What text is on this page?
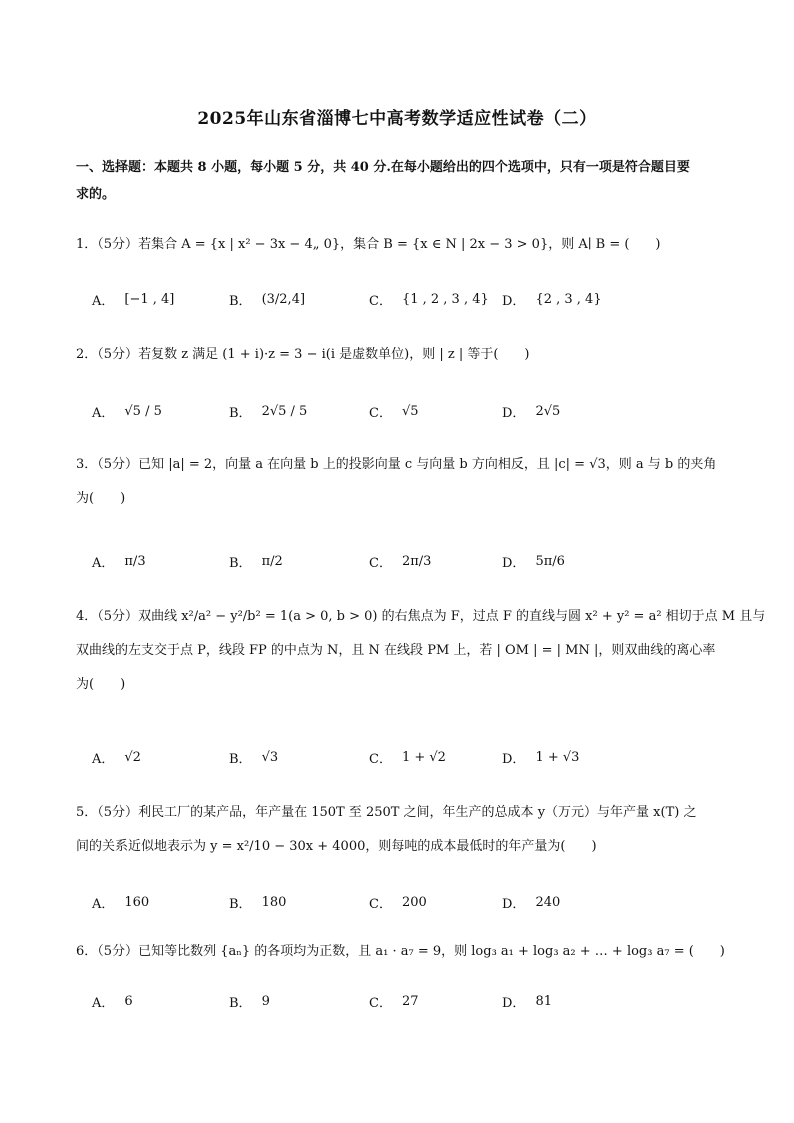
2025年山东省淄博七中高考数学适应性试卷（二）
一、选择题：本题共 8 小题，每小题 5 分，共 40 分.在每小题给出的四个选项中，只有一项是符合题目要
求的。
1．（5分）若集合 A = {x | x² − 3x − 4„ 0}，集合 B = {x ∈ N | 2x − 3 > 0}，则 A∣ B = (　　)
A． [−1 , 4]	B． (3/2,4]	C． {1 , 2 , 3 , 4} D． {2 , 3 , 4}
2．（5分）若复数 z 满足 (1 + i)·z = 3 − i(i 是虚数单位)，则 | z | 等于(　　)
A． √5 / 5	B． 2√5 / 5	C． √5	D． 2√5
3．（5分）已知 |a| = 2，向量 a 在向量 b 上的投影向量 c 与向量 b 方向相反，且 |c| = √3，则 a 与 b 的夹角
为(　　)
A． π/3	B． π/2	C． 2π/3	D． 5π/6
4．（5分）双曲线 x²/a² − y²/b² = 1(a > 0, b > 0) 的右焦点为 F，过点 F 的直线与圆 x² + y² = a² 相切于点 M 且与
双曲线的左支交于点 P，线段 FP 的中点为 N，且 N 在线段 PM 上，若 | OM | = | MN |，则双曲线的离心率
为(　　)
A． √2	B． √3	C． 1 + √2	D． 1 + √3
5．（5分）利民工厂的某产品，年产量在 150T 至 250T 之间，年生产的总成本 y（万元）与年产量 x(T) 之
间的关系近似地表示为 y = x²/10 − 30x + 4000，则每吨的成本最低时的年产量为(　　)
A． 160	B． 180	C． 200	D． 240
6．（5分）已知等比数列 {aₙ} 的各项均为正数，且 a₁ · a₇ = 9，则 log₃ a₁ + log₃ a₂ + … + log₃ a₇ = (　　)
A． 6	B． 9	C． 27	D． 81
